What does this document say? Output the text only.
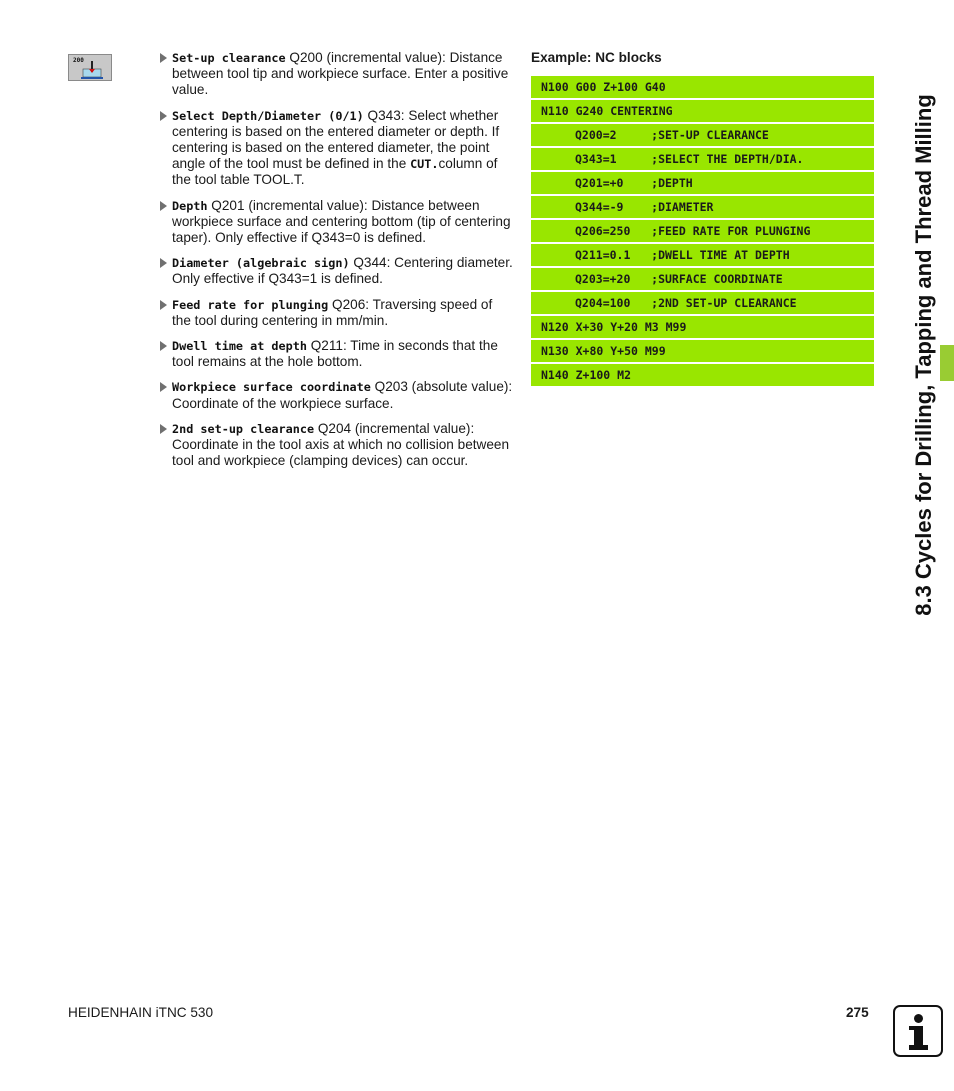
200	Set-up clearance Q200 (incremental value): Distance between tool tip and workpiece surface. Enter a positive value.
Select Depth/Diameter (0/1) Q343: Select whether centering is based on the entered diameter or depth. If centering is based on the entered diameter, the point angle of the tool must be defined in the CUT.column of the tool table TOOL.T.
Depth Q201 (incremental value): Distance between workpiece surface and centering bottom (tip of centering taper). Only effective if Q343=0 is defined.
Diameter (algebraic sign) Q344: Centering diameter. Only effective if Q343=1 is defined.
Feed rate for plunging Q206: Traversing speed of the tool during centering in mm/min.
Dwell time at depth Q211: Time in seconds that the tool remains at the hole bottom.
Workpiece surface coordinate Q203 (absolute value): Coordinate of the workpiece surface.
2nd set-up clearance Q204 (incremental value): Coordinate in the tool axis at which no collision between tool and workpiece (clamping devices) can occur.
Example: NC blocks
N100 G00 Z+100 G40
N110 G240 CENTERING
Q200=2     ;SET-UP CLEARANCE
Q343=1     ;SELECT THE DEPTH/DIA.
Q201=+0    ;DEPTH
Q344=-9    ;DIAMETER
Q206=250   ;FEED RATE FOR PLUNGING
Q211=0.1   ;DWELL TIME AT DEPTH
Q203=+20   ;SURFACE COORDINATE
Q204=100   ;2ND SET-UP CLEARANCE
N120 X+30 Y+20 M3 M99
N130 X+80 Y+50 M99
N140 Z+100 M2	8.3 Cycles for Drilling, Tapping and Thread Milling
HEIDENHAIN iTNC 530	275
